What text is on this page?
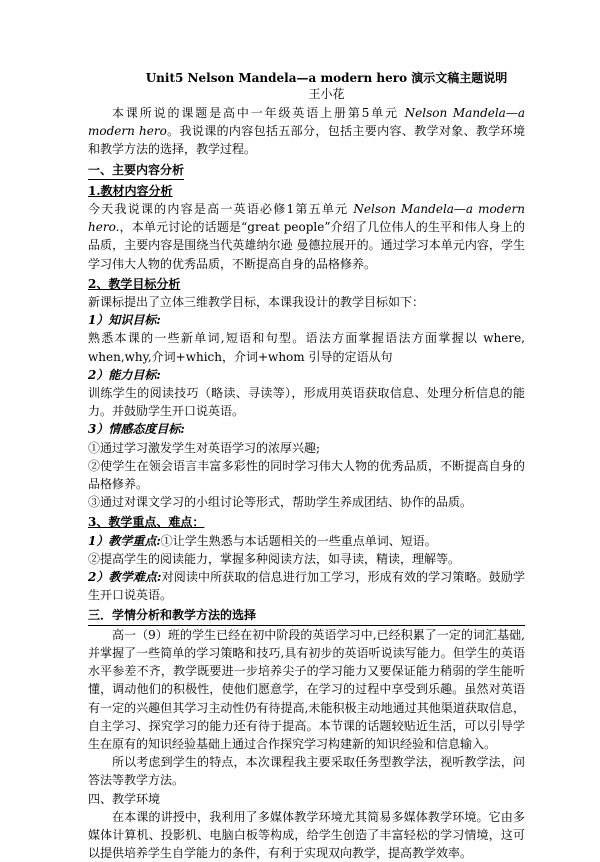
Unit5 Nelson Mandela—a modern hero 演示文稿主题说明
王小花

本课所说的课题是高中一年级英语上册第5单元 Nelson Mandela—a modern hero。我说课的内容包括五部分，包括主要内容、教学对象、教学环境和教学方法的选择，教学过程。

一、主要内容分析
1.教材内容分析

今天我说课的内容是高一英语必修1第五单元 Nelson Mandela—a modern hero.，本单元讨论的话题是“great people”介绍了几位伟人的生平和伟人身上的品质，主要内容是围绕当代英雄纳尔逊 曼德拉展开的。通过学习本单元内容，学生学习伟大人物的优秀品质，不断提高自身的品格修养。

2、教学目标分析

新课标提出了立体三维教学目标，本课我设计的教学目标如下：

1）知识目标:

熟悉本课的一些新单词,短语和句型。语法方面掌握语法方面掌握以 where, when,why,介词+which，介词+whom 引导的定语从句

2）能力目标:

训练学生的阅读技巧（略读、寻读等），形成用英语获取信息、处理分析信息的能力。并鼓励学生开口说英语。

3）情感态度目标:

①通过学习激发学生对英语学习的浓厚兴趣;

②使学生在领会语言丰富多彩性的同时学习伟大人物的优秀品质，不断提高自身的品格修养。

③通过对课文学习的小组讨论等形式，帮助学生养成团结、协作的品质。

3、教学重点、难点：

1）教学重点:①让学生熟悉与本话题相关的一些重点单词、短语。

②提高学生的阅读能力，掌握多种阅读方法，如寻读，精读，理解等。

2）教学难点:对阅读中所获取的信息进行加工学习，形成有效的学习策略。鼓励学生开口说英语。

三．学情分析和教学方法的选择

高一（9）班的学生已经在初中阶段的英语学习中,已经积累了一定的词汇基础,并掌握了一些简单的学习策略和技巧,具有初步的英语听说读写能力。但学生的英语水平参差不齐，教学既要进一步培养尖子的学习能力又要保证能力稍弱的学生能听懂，调动他们的积极性，使他们愿意学，在学习的过程中享受到乐趣。虽然对英语有一定的兴趣但其学习主动性仍有待提高,未能积极主动地通过其他渠道获取信息，自主学习、探究学习的能力还有待于提高。本节课的话题较贴近生活，可以引导学生在原有的知识经验基础上通过合作探究学习构建新的知识经验和信息输入。

所以考虑到学生的特点，本次课程我主要采取任务型教学法，视听教学法，问答法等教学方法。

四、教学环境

在本课的讲授中，我利用了多媒体教学环境尤其简易多媒体教学环境。它由多媒体计算机、投影机、电脑白板等构成，给学生创造了丰富轻松的学习情境，这可以提供培养学生自学能力的条件，有利于实现双向教学，提高教学效率。
